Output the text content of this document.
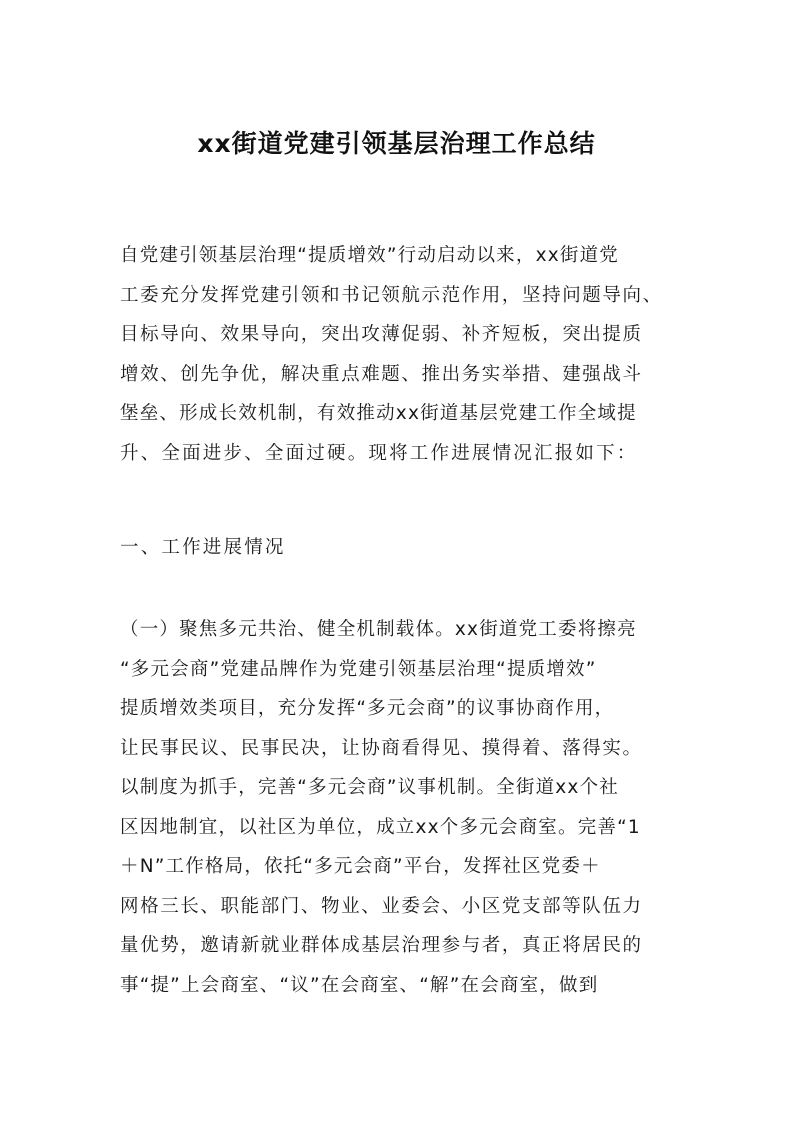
xx街道党建引领基层治理工作总结
自党建引领基层治理“提质增效”行动启动以来，xx街道党
工委充分发挥党建引领和书记领航示范作用，坚持问题导向、
目标导向、效果导向，突出攻薄促弱、补齐短板，突出提质
增效、创先争优，解决重点难题、推出务实举措、建强战斗
堡垒、形成长效机制，有效推动xx街道基层党建工作全域提
升、全面进步、全面过硬。现将工作进展情况汇报如下：
一、工作进展情况
（一）聚焦多元共治、健全机制载体。xx街道党工委将擦亮
“多元会商”党建品牌作为党建引领基层治理“提质增效”
提质增效类项目，充分发挥“多元会商”的议事协商作用，
让民事民议、民事民决，让协商看得见、摸得着、落得实。
以制度为抓手，完善“多元会商”议事机制。全街道xx个社
区因地制宜，以社区为单位，成立xx个多元会商室。完善“1
＋N”工作格局，依托“多元会商”平台，发挥社区党委＋
网格三长、职能部门、物业、业委会、小区党支部等队伍力
量优势，邀请新就业群体成基层治理参与者，真正将居民的
事“提”上会商室、“议”在会商室、“解”在会商室，做到
